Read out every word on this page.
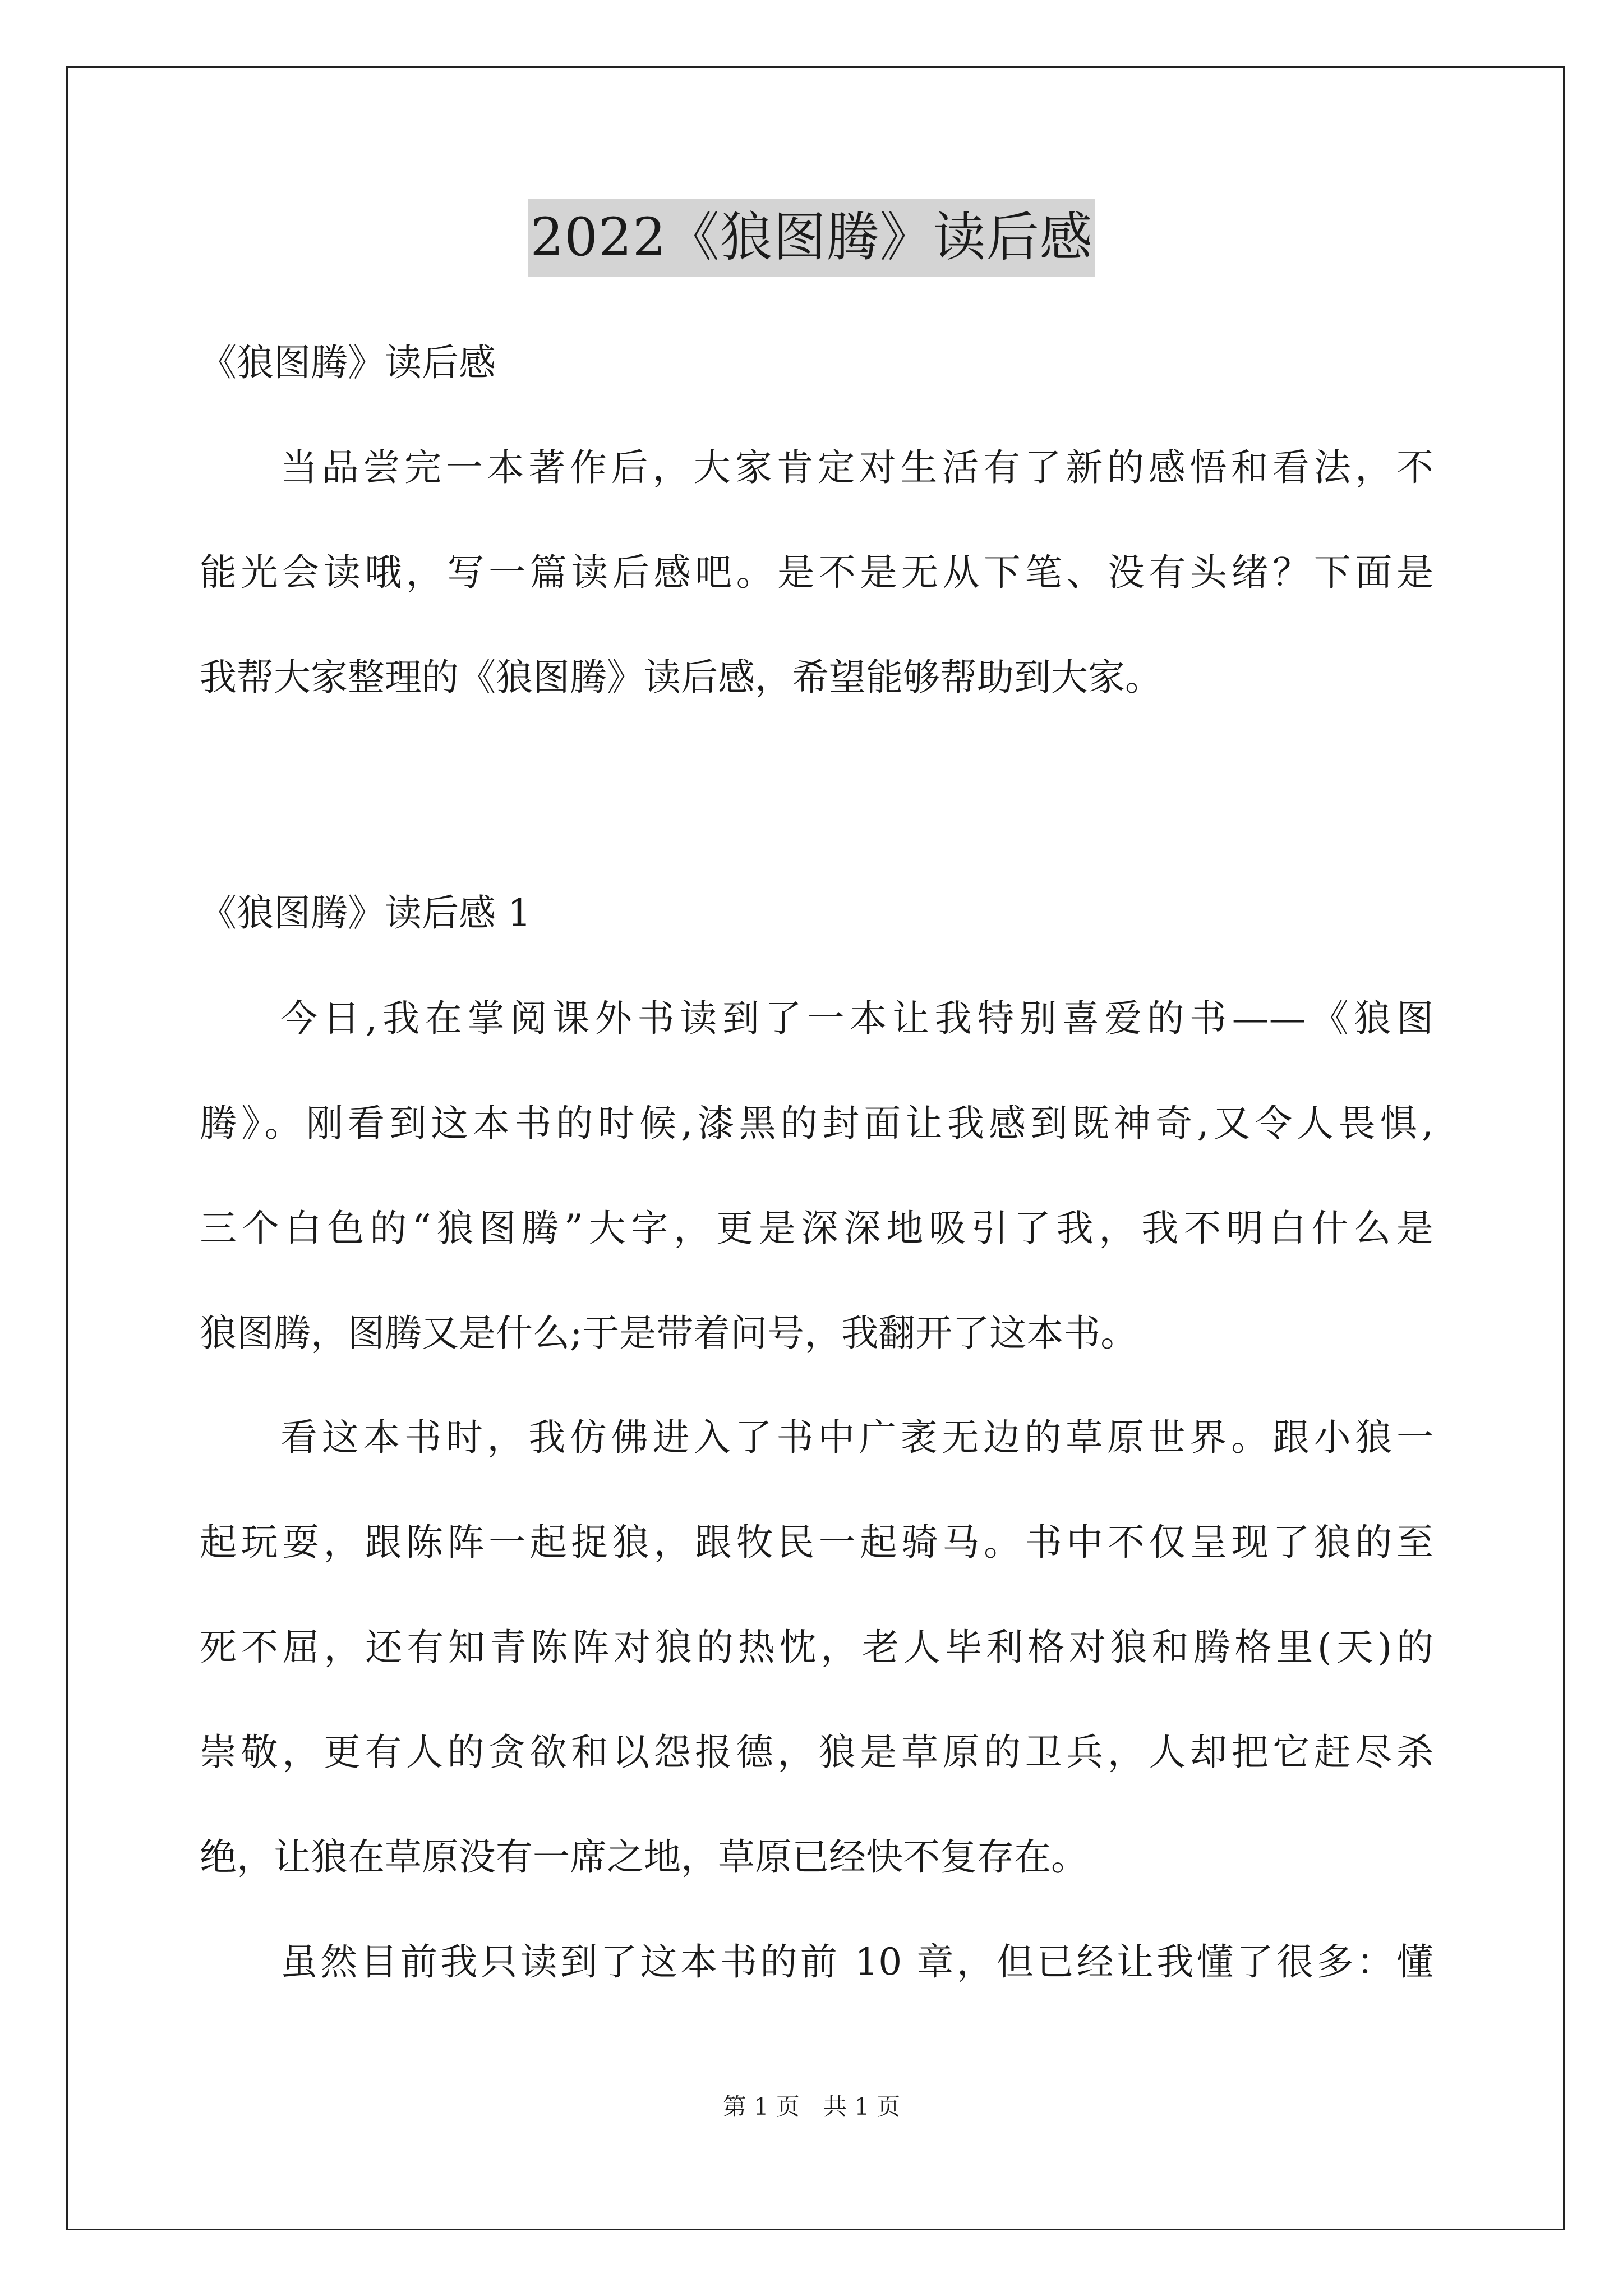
2022《狼图腾》读后感
《狼图腾》读后感
当品尝完一本著作后，大家肯定对生活有了新的感悟和看法，不
能光会读哦，写一篇读后感吧。是不是无从下笔、没有头绪？下面是
我帮大家整理的《狼图腾》读后感，希望能够帮助到大家。
《狼图腾》读后感 1
今日,我在掌阅课外书读到了一本让我特别喜爱的书——《狼图
腾》。刚看到这本书的时候,漆黑的封面让我感到既神奇,又令人畏惧,
三个白色的“狼图腾”大字，更是深深地吸引了我，我不明白什么是
狼图腾，图腾又是什么;于是带着问号，我翻开了这本书。
看这本书时，我仿佛进入了书中广袤无边的草原世界。跟小狼一
起玩耍，跟陈阵一起捉狼，跟牧民一起骑马。书中不仅呈现了狼的至
死不屈，还有知青陈阵对狼的热忱，老人毕利格对狼和腾格里(天)的
崇敬，更有人的贪欲和以怨报德，狼是草原的卫兵，人却把它赶尽杀
绝，让狼在草原没有一席之地，草原已经快不复存在。
虽然目前我只读到了这本书的前 10 章，但已经让我懂了很多：懂
第 1 页　共 1 页
